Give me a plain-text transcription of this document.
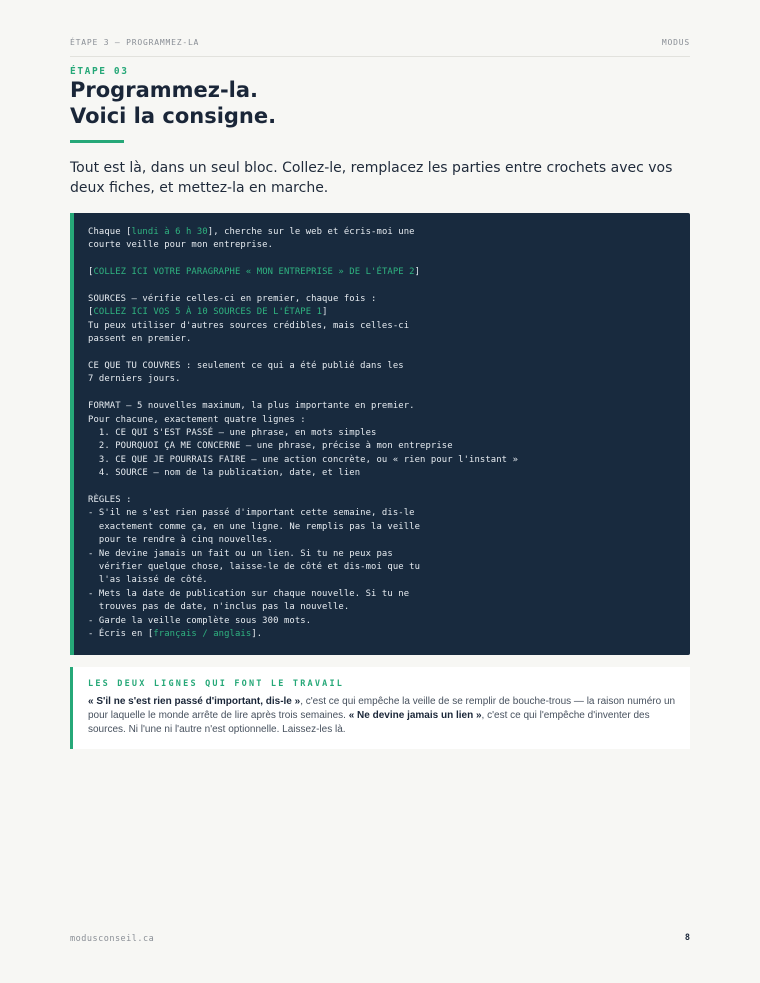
ÉTAPE 3 — PROGRAMMEZ-LA	MODUS
ÉTAPE 03
Programmez-la.
Voici la consigne.

Tout est là, dans un seul bloc. Collez-le, remplacez les parties entre crochets avec vos deux fiches, et mettez-la en marche.

Chaque [lundi à 6 h 30], cherche sur le web et écris-moi une
courte veille pour mon entreprise.
[COLLEZ ICI VOTRE PARAGRAPHE « MON ENTREPRISE » DE L'ÉTAPE 2]
SOURCES — vérifie celles-ci en premier, chaque fois :
[COLLEZ ICI VOS 5 À 10 SOURCES DE L'ÉTAPE 1]
Tu peux utiliser d'autres sources crédibles, mais celles-ci
passent en premier.
CE QUE TU COUVRES : seulement ce qui a été publié dans les
7 derniers jours.
FORMAT — 5 nouvelles maximum, la plus importante en premier.
Pour chacune, exactement quatre lignes :
1. CE QUI S'EST PASSÉ — une phrase, en mots simples
2. POURQUOI ÇA ME CONCERNE — une phrase, précise à mon entreprise
3. CE QUE JE POURRAIS FAIRE — une action concrète, ou « rien pour l'instant »
4. SOURCE — nom de la publication, date, et lien
RÈGLES :
- S'il ne s'est rien passé d'important cette semaine, dis-le
exactement comme ça, en une ligne. Ne remplis pas la veille
pour te rendre à cinq nouvelles.
- Ne devine jamais un fait ou un lien. Si tu ne peux pas
vérifier quelque chose, laisse-le de côté et dis-moi que tu
l'as laissé de côté.
- Mets la date de publication sur chaque nouvelle. Si tu ne
trouves pas de date, n'inclus pas la nouvelle.
- Garde la veille complète sous 300 mots.
- Écris en [français / anglais].
LES DEUX LIGNES QUI FONT LE TRAVAIL

« S'il ne s'est rien passé d'important, dis-le », c'est ce qui empêche la veille de se remplir de bouche-trous — la raison numéro un pour laquelle le monde arrête de lire après trois semaines. « Ne devine jamais un lien », c'est ce qui l'empêche d'inventer des sources. Ni l'une ni l'autre n'est optionnelle. Laissez-les là.

modusconseil.ca	8
